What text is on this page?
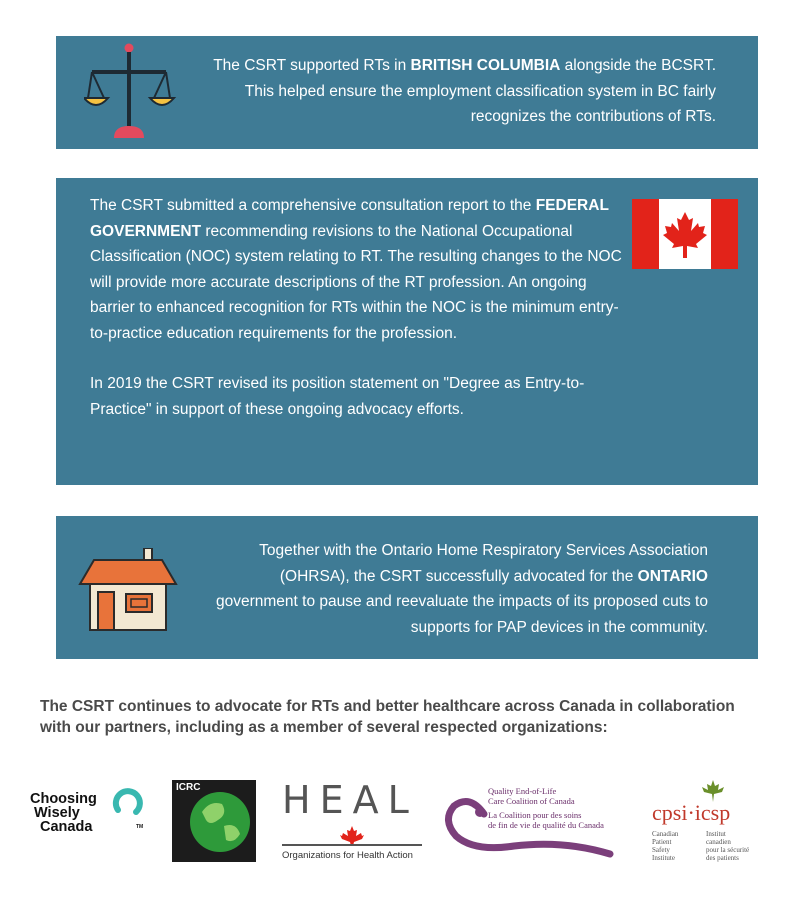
The CSRT supported RTs in BRITISH COLUMBIA alongside the BCSRT. This helped ensure the employment classification system in BC fairly recognizes the contributions of RTs.
The CSRT submitted a comprehensive consultation report to the FEDERAL GOVERNMENT recommending revisions to the National Occupational Classification (NOC) system relating to RT. The resulting changes to the NOC will provide more accurate descriptions of the RT profession. An ongoing barrier to enhanced recognition for RTs within the NOC is the minimum entry-to-practice education requirements for the profession.
In 2019 the CSRT revised its position statement on "Degree as Entry-to-Practice" in support of these ongoing advocacy efforts.
Together with the Ontario Home Respiratory Services Association (OHRSA), the CSRT successfully advocated for the ONTARIO government to pause and reevaluate the impacts of its proposed cuts to supports for PAP devices in the community.
The CSRT continues to advocate for RTs and better healthcare across Canada in collaboration with our partners, including as a member of several respected organizations:
Choosing
Wisely
Canada	TM
ICRC HEAL
Organizations for Health Action
Quality End-of-Life
Care Coalition of Canada
La Coalition pour des soins
de fin de vie de qualité du Canada cpsi·icsp
Canadian
Patient
Safety
Institute
Institut
canadien
pour la sécurité
des patients
